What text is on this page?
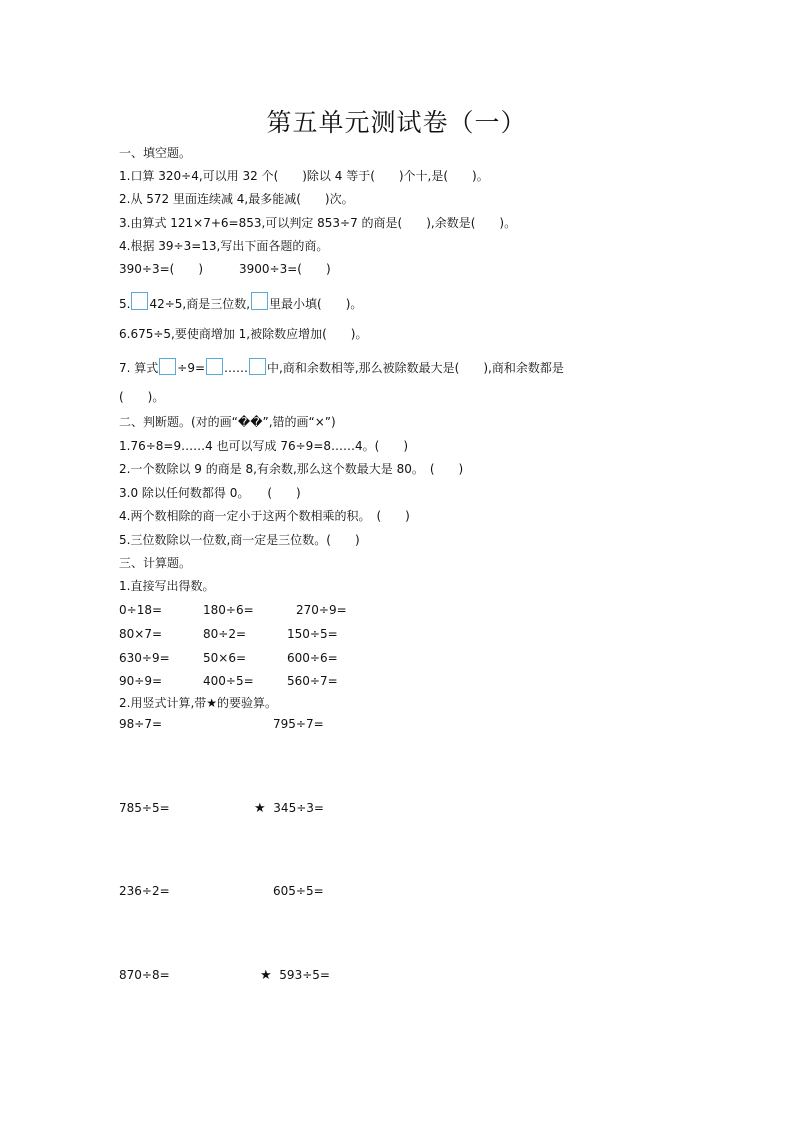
第五单元测试卷（一）
一、填空题。
1.口算 320÷4,可以用 32 个(　　)除以 4 等于(　　)个十,是(　　)。
2.从 572 里面连续减 4,最多能减(　　)次。
3.由算式 121×7+6=853,可以判定 853÷7 的商是(　　),余数是(　　)。
4.根据 39÷3=13,写出下面各题的商。
390÷3=(　　)	3900÷3=(　　)
5. 42÷5,商是三位数, 里最小填(　　)。
6.675÷5,要使商增加 1,被除数应增加(　　)。
7. 算式 ÷9= …… 中,商和余数相等,那么被除数最大是(　　),商和余数都是
(　　)。
二、判断题。(对的画“��”,错的画“×”)
1.76÷8=9……4 也可以写成 76÷9=8……4。(　　)
2.一个数除以 9 的商是 8,有余数,那么这个数最大是 80。　(　　)
3.0 除以任何数都得 0。　　(　　)
4.两个数相除的商一定小于这两个数相乘的积。　(　　)
5.三位数除以一位数,商一定是三位数。(　　)
三、计算题。
1.直接写出得数。
0÷18=	180÷6=	270÷9=
80×7=	80÷2=	150÷5=
630÷9=	50×6=	600÷6=
90÷9=	400÷5=	560÷7=
2.用竖式计算,带★的要验算。
98÷7=	795÷7=
785÷5=	★ 345÷3=
236÷2=	605÷5=
870÷8=	★ 593÷5=
